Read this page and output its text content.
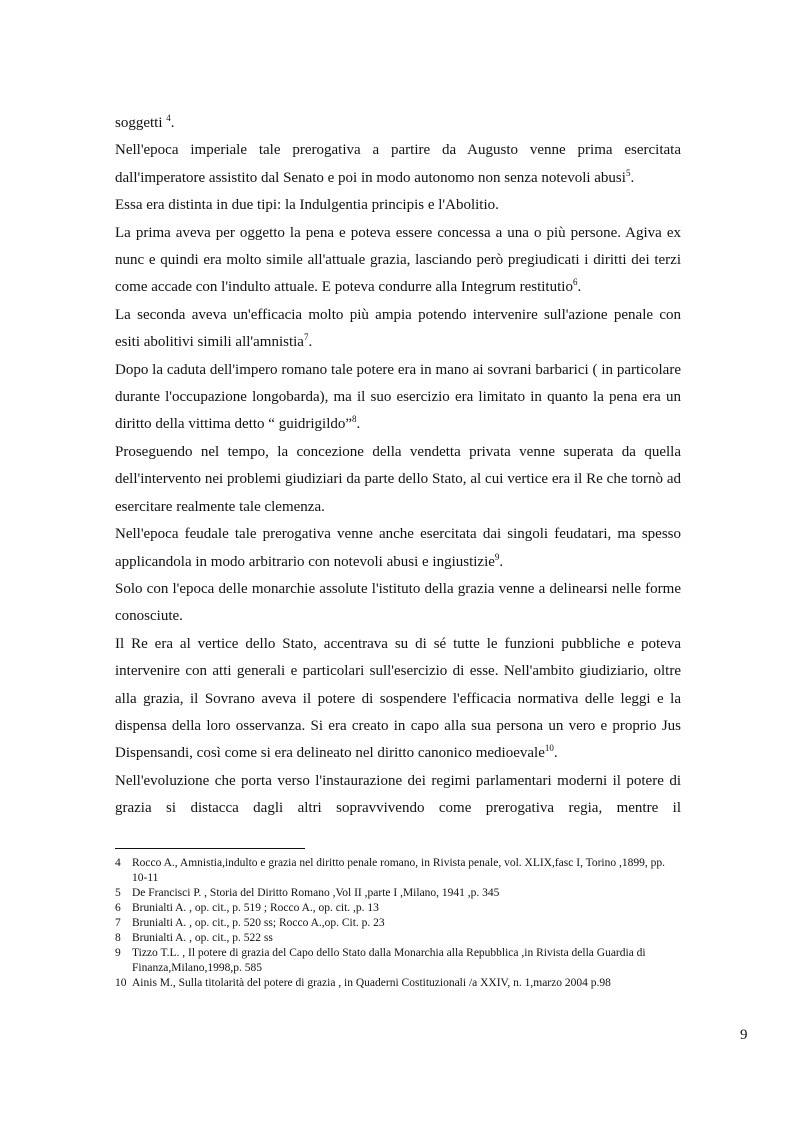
soggetti $^4$.

Nell'epoca imperiale tale prerogativa a partire da Augusto venne prima esercitata dall'imperatore assistito dal Senato e poi in modo autonomo non senza notevoli abusi$^5$.

Essa era distinta in due tipi: la Indulgentia principis e l'Abolitio.

La prima aveva per oggetto la pena e poteva essere concessa a una o più persone. Agiva ex nunc e quindi era molto simile all'attuale grazia, lasciando però pregiudicati i diritti dei terzi come accade con l'indulto attuale. E poteva condurre alla Integrum restitutio$^6$.

La seconda aveva un'efficacia molto più ampia potendo intervenire sull'azione penale con esiti abolitivi simili all'amnistia$^7$.

Dopo la caduta dell'impero romano tale potere era in mano ai sovrani barbarici ( in particolare durante l'occupazione longobarda), ma il suo esercizio era limitato in quanto la pena era un diritto della vittima detto “ guidrigildo”$^8$.

Proseguendo nel tempo, la concezione della vendetta privata venne superata da quella dell'intervento nei problemi giudiziari da parte dello Stato, al cui vertice era il Re che tornò ad esercitare realmente tale clemenza.

Nell'epoca feudale tale prerogativa venne anche esercitata dai singoli feudatari, ma spesso applicandola in modo arbitrario con notevoli abusi e ingiustizie$^9$.

Solo con l'epoca delle monarchie assolute l'istituto della grazia venne a delinearsi nelle forme conosciute.

Il Re era al vertice dello Stato, accentrava su di sé tutte le funzioni pubbliche e poteva intervenire con atti generali e particolari sull'esercizio di esse. Nell'ambito giudiziario, oltre alla grazia, il Sovrano aveva il potere di sospendere l'efficacia normativa delle leggi e la dispensa della loro osservanza. Si era creato in capo alla sua persona un vero e proprio Jus Dispensandi, così come si era delineato nel diritto canonico medioevale$^{10}$.

Nell'evoluzione che porta verso l'instaurazione dei regimi parlamentari moderni il potere di grazia si distacca dagli altri sopravvivendo come prerogativa regia, mentre il

4 Rocco A., Amnistia,indulto e grazia nel diritto penale romano, in Rivista penale, vol. XLIX,fasc I, Torino ,1899, pp. 10-11
5 De Francisci P. , Storia del Diritto Romano ,Vol II ,parte I ,Milano, 1941 ,p. 345
6 Brunialti A. , op. cit., p. 519 ; Rocco A., op. cit. ,p. 13
7 Brunialti A. , op. cit., p. 520 ss; Rocco A.,op. Cit. p. 23
8 Brunialti A. , op. cit., p. 522 ss
9 Tizzo T.L. , Il potere di grazia del Capo dello Stato dalla Monarchia alla Repubblica ,in Rivista della Guardia di Finanza,Milano,1998,p. 585
10 Ainis M., Sulla titolarità del potere di grazia , in Quaderni Costituzionali /a XXIV, n. 1,marzo 2004 p.98
9
